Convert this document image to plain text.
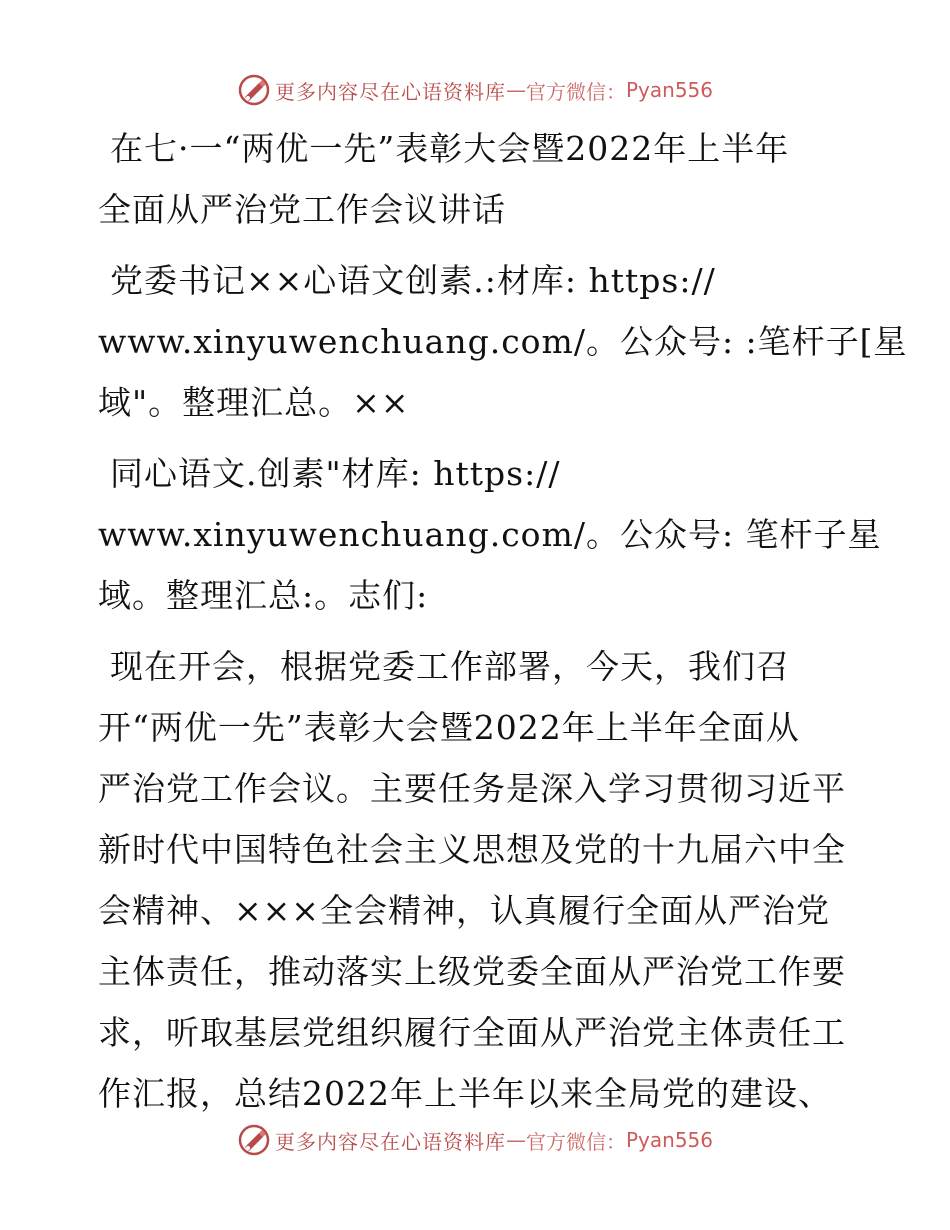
更多内容尽在心语资料库 — 官方微信： Pyan556
在七·一“两优一先”表彰大会暨2022年上半年
全面从严治党工作会议讲话
党委书记××心语文创素.:材库: https://
www.xinyuwenchuang.com/。公众号: :笔杆子[星
域"。整理汇总。××
同心语文.创素"材库: https://
www.xinyuwenchuang.com/。公众号: 笔杆子星
域。整理汇总:。志们:
现在开会，根据党委工作部署，今天，我们召
开“两优一先”表彰大会暨2022年上半年全面从
严治党工作会议。主要任务是深入学习贯彻习近平
新时代中国特色社会主义思想及党的十九届六中全
会精神、×××全会精神，认真履行全面从严治党
主体责任，推动落实上级党委全面从严治党工作要
求，听取基层党组织履行全面从严治党主体责任工
作汇报，总结2022年上半年以来全局党的建设、
更多内容尽在心语资料库 — 官方微信： Pyan556
